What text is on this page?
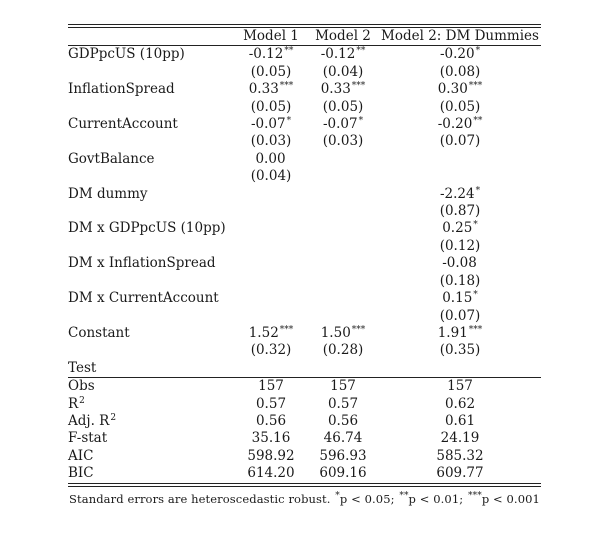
	Model 1	Model 2	Model 2: DM Dummies
GDPpcUS (10pp)	-0.12**	-0.12**	-0.20*
	(0.05)	(0.04)	(0.08)
InflationSpread	0.33***	0.33***	0.30***
	(0.05)	(0.05)	(0.05)
CurrentAccount	-0.07*	-0.07*	-0.20**
	(0.03)	(0.03)	(0.07)
GovtBalance	0.00		
	(0.04)		
DM dummy			-2.24*
			(0.87)
DM x GDPpcUS (10pp)			0.25*
			(0.12)
DM x InflationSpread			-0.08
			(0.18)
DM x CurrentAccount			0.15*
			(0.07)
Constant	1.52***	1.50***	1.91***
	(0.32)	(0.28)	(0.35)
Test			
Obs	157	157	157
$R^2$	0.57	0.57	0.62
Adj. $R^2$	0.56	0.56	0.61
F-stat	35.16	46.74	24.19
AIC	598.92	596.93	585.32
BIC	614.20	609.16	609.77
Standard errors are heteroscedastic robust. *p < 0.05; **p < 0.01; ***p < 0.001
